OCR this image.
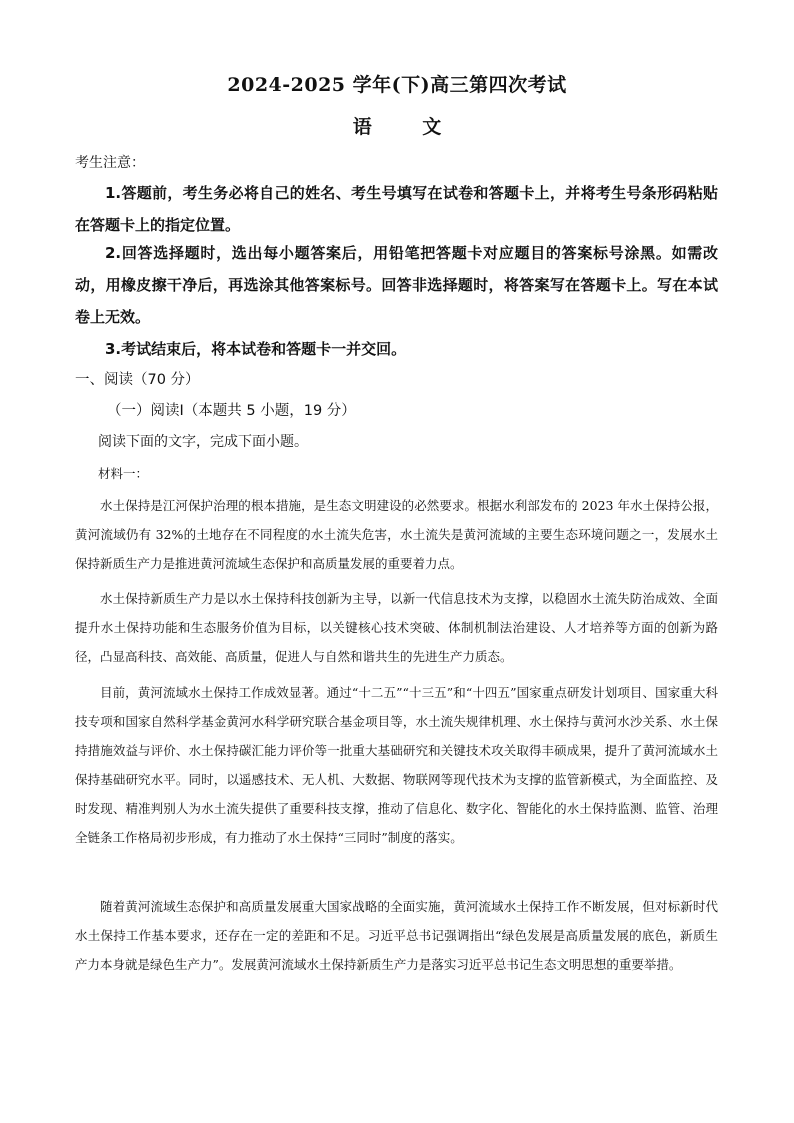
2024-2025 学年(下)高三第四次考试
语 文
考生注意：

1.答题前，考生务必将自己的姓名、考生号填写在试卷和答题卡上，并将考生号条形码粘贴在答题卡上的指定位置。

2.回答选择题时，选出每小题答案后，用铅笔把答题卡对应题目的答案标号涂黑。如需改动，用橡皮擦干净后，再选涂其他答案标号。回答非选择题时，将答案写在答题卡上。写在本试卷上无效。

3.考试结束后，将本试卷和答题卡一并交回。

一、阅读（70 分）
（一）阅读Ⅰ（本题共 5 小题，19 分）
阅读下面的文字，完成下面小题。
材料一：

水土保持是江河保护治理的根本措施，是生态文明建设的必然要求。根据水利部发布的 2023 年水土保持公报，黄河流域仍有 32%的土地存在不同程度的水土流失危害，水土流失是黄河流域的主要生态环境问题之一，发展水土保持新质生产力是推进黄河流域生态保护和高质量发展的重要着力点。

水土保持新质生产力是以水土保持科技创新为主导，以新一代信息技术为支撑，以稳固水土流失防治成效、全面提升水土保持功能和生态服务价值为目标，以关键核心技术突破、体制机制法治建设、人才培养等方面的创新为路径，凸显高科技、高效能、高质量，促进人与自然和谐共生的先进生产力质态。

目前，黄河流域水土保持工作成效显著。通过“十二五”“十三五”和“十四五”国家重点研发计划项目、国家重大科技专项和国家自然科学基金黄河水科学研究联合基金项目等，水土流失规律机理、水土保持与黄河水沙关系、水土保持措施效益与评价、水土保持碳汇能力评价等一批重大基础研究和关键技术攻关取得丰硕成果，提升了黄河流域水土保持基础研究水平。同时，以遥感技术、无人机、大数据、物联网等现代技术为支撑的监管新模式，为全面监控、及时发现、精准判别人为水土流失提供了重要科技支撑，推动了信息化、数字化、智能化的水土保持监测、监管、治理全链条工作格局初步形成，有力推动了水土保持“三同时”制度的落实。

随着黄河流域生态保护和高质量发展重大国家战略的全面实施，黄河流域水土保持工作不断发展，但对标新时代水土保持工作基本要求，还存在一定的差距和不足。习近平总书记强调指出“绿色发展是高质量发展的底色，新质生产力本身就是绿色生产力”。发展黄河流域水土保持新质生产力是落实习近平总书记生态文明思想的重要举措。
